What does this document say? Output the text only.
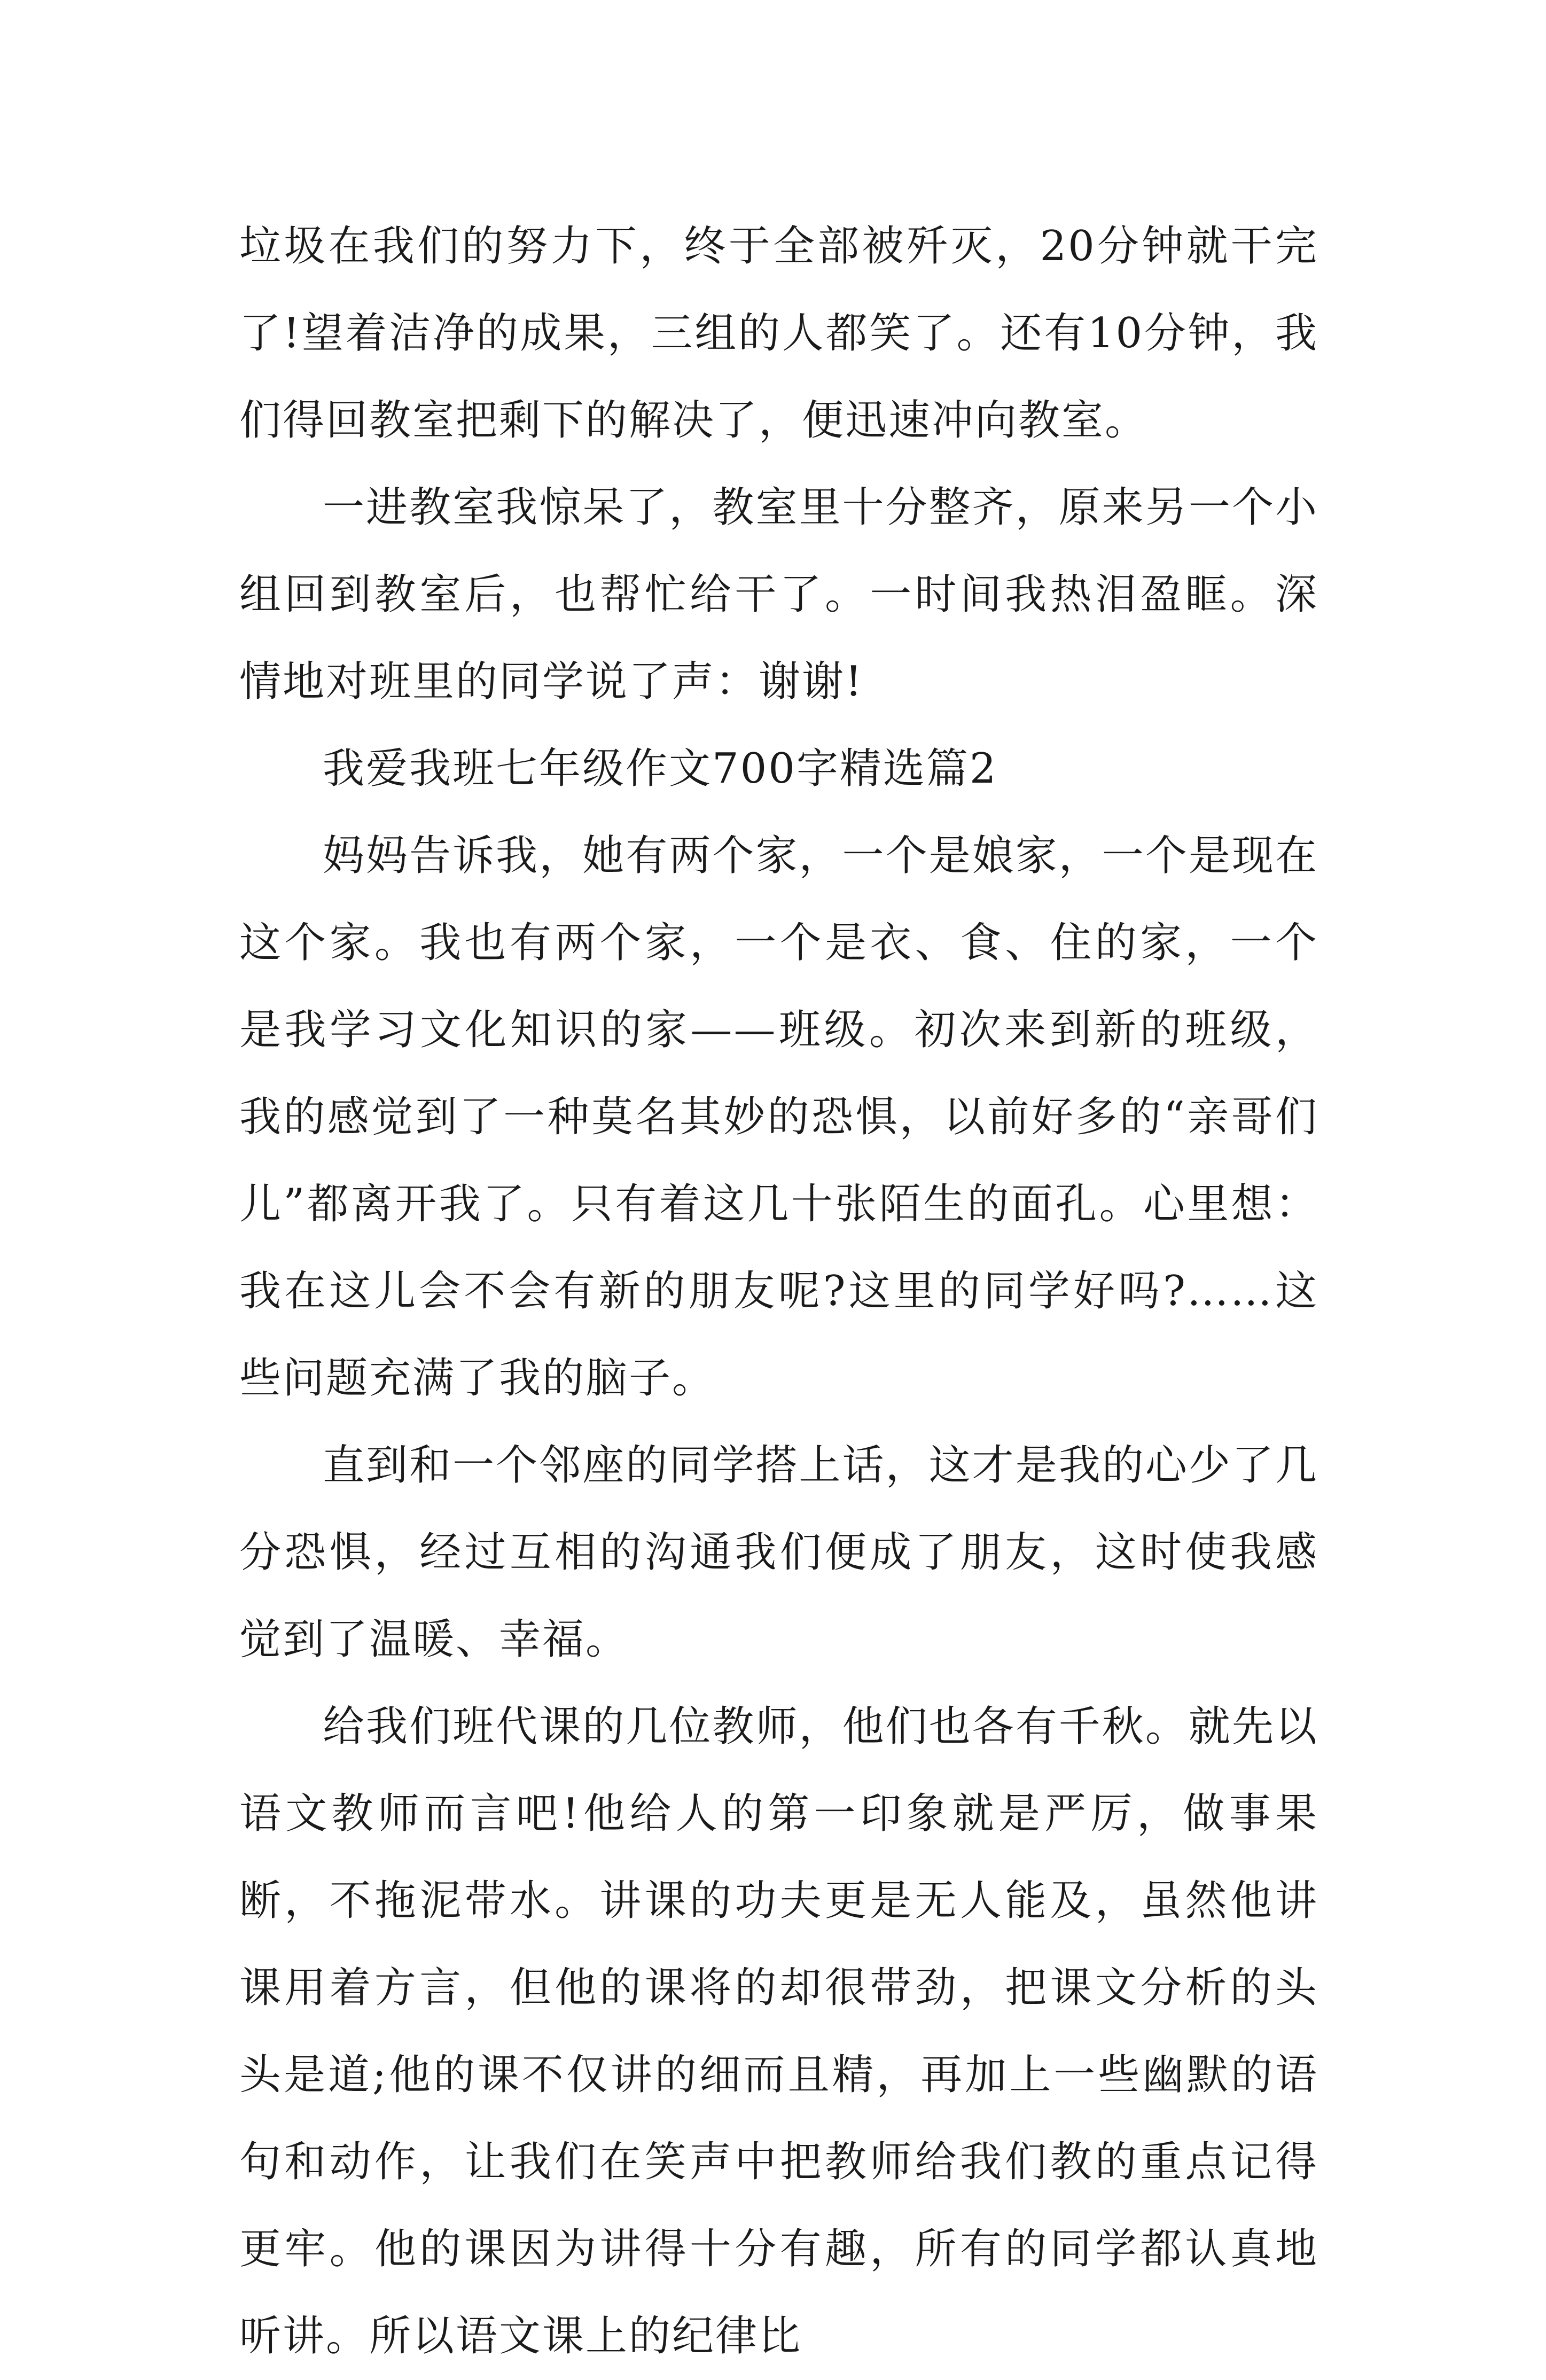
垃圾在我们的努力下，终于全部被歼灭，20分钟就干完了!望着洁净的成果，三组的人都笑了。还有10分钟，我们得回教室把剩下的解决了，便迅速冲向教室。

一进教室我惊呆了，教室里十分整齐，原来另一个小组回到教室后，也帮忙给干了。一时间我热泪盈眶。深情地对班里的同学说了声：谢谢!

我爱我班七年级作文700字精选篇2

妈妈告诉我，她有两个家，一个是娘家，一个是现在这个家。我也有两个家，一个是衣、食、住的家，一个是我学习文化知识的家——班级。初次来到新的班级，我的感觉到了一种莫名其妙的恐惧，以前好多的“亲哥们儿”都离开我了。只有着这几十张陌生的面孔。心里想：我在这儿会不会有新的朋友呢?这里的同学好吗?……这些问题充满了我的脑子。

直到和一个邻座的同学搭上话，这才是我的心少了几分恐惧，经过互相的沟通我们便成了朋友，这时使我感觉到了温暖、幸福。

给我们班代课的几位教师，他们也各有千秋。就先以语文教师而言吧!他给人的第一印象就是严厉，做事果断，不拖泥带水。讲课的功夫更是无人能及，虽然他讲课用着方言，但他的课将的却很带劲，把课文分析的头头是道;他的课不仅讲的细而且精，再加上一些幽默的语句和动作，让我们在笑声中把教师给我们教的重点记得更牢。他的课因为讲得十分有趣，所有的同学都认真地听讲。所以语文课上的纪律比
